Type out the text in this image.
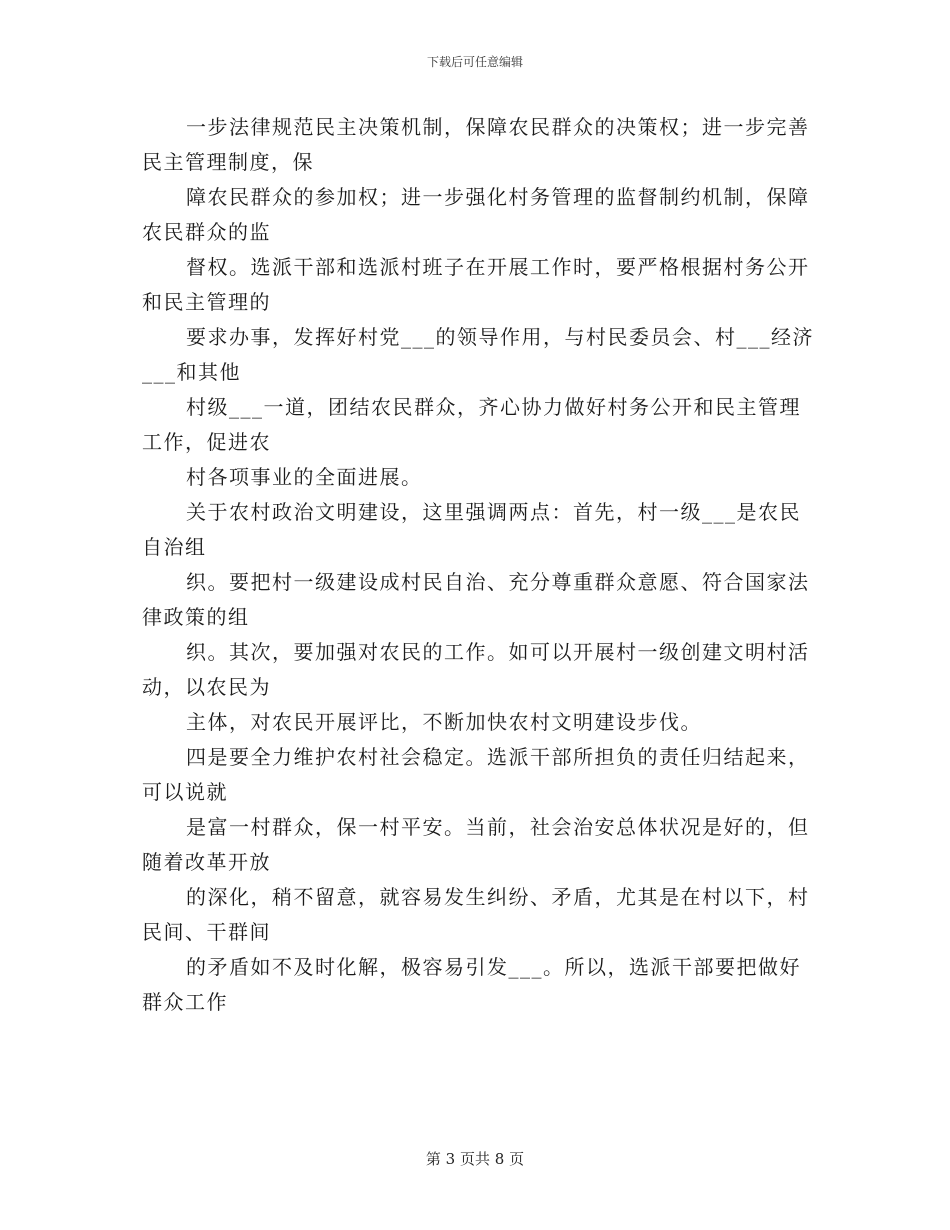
下载后可任意编辑

一步法律规范民主决策机制，保障农民群众的决策权；进一步完善民主管理制度，保

障农民群众的参加权；进一步强化村务管理的监督制约机制，保障农民群众的监

督权。选派干部和选派村班子在开展工作时，要严格根据村务公开和民主管理的

要求办事，发挥好村党___的领导作用，与村民委员会、村___经济___和其他

村级___一道，团结农民群众，齐心协力做好村务公开和民主管理工作，促进农

村各项事业的全面进展。

关于农村政治文明建设，这里强调两点：首先，村一级___是农民自治组

织。要把村一级建设成村民自治、充分尊重群众意愿、符合国家法律政策的组

织。其次，要加强对农民的工作。如可以开展村一级创建文明村活动，以农民为

主体，对农民开展评比，不断加快农村文明建设步伐。

四是要全力维护农村社会稳定。选派干部所担负的责任归结起来，可以说就

是富一村群众，保一村平安。当前，社会治安总体状况是好的，但随着改革开放

的深化，稍不留意，就容易发生纠纷、矛盾，尤其是在村以下，村民间、干群间

的矛盾如不及时化解，极容易引发___。所以，选派干部要把做好群众工作

第 3 页共 8 页
